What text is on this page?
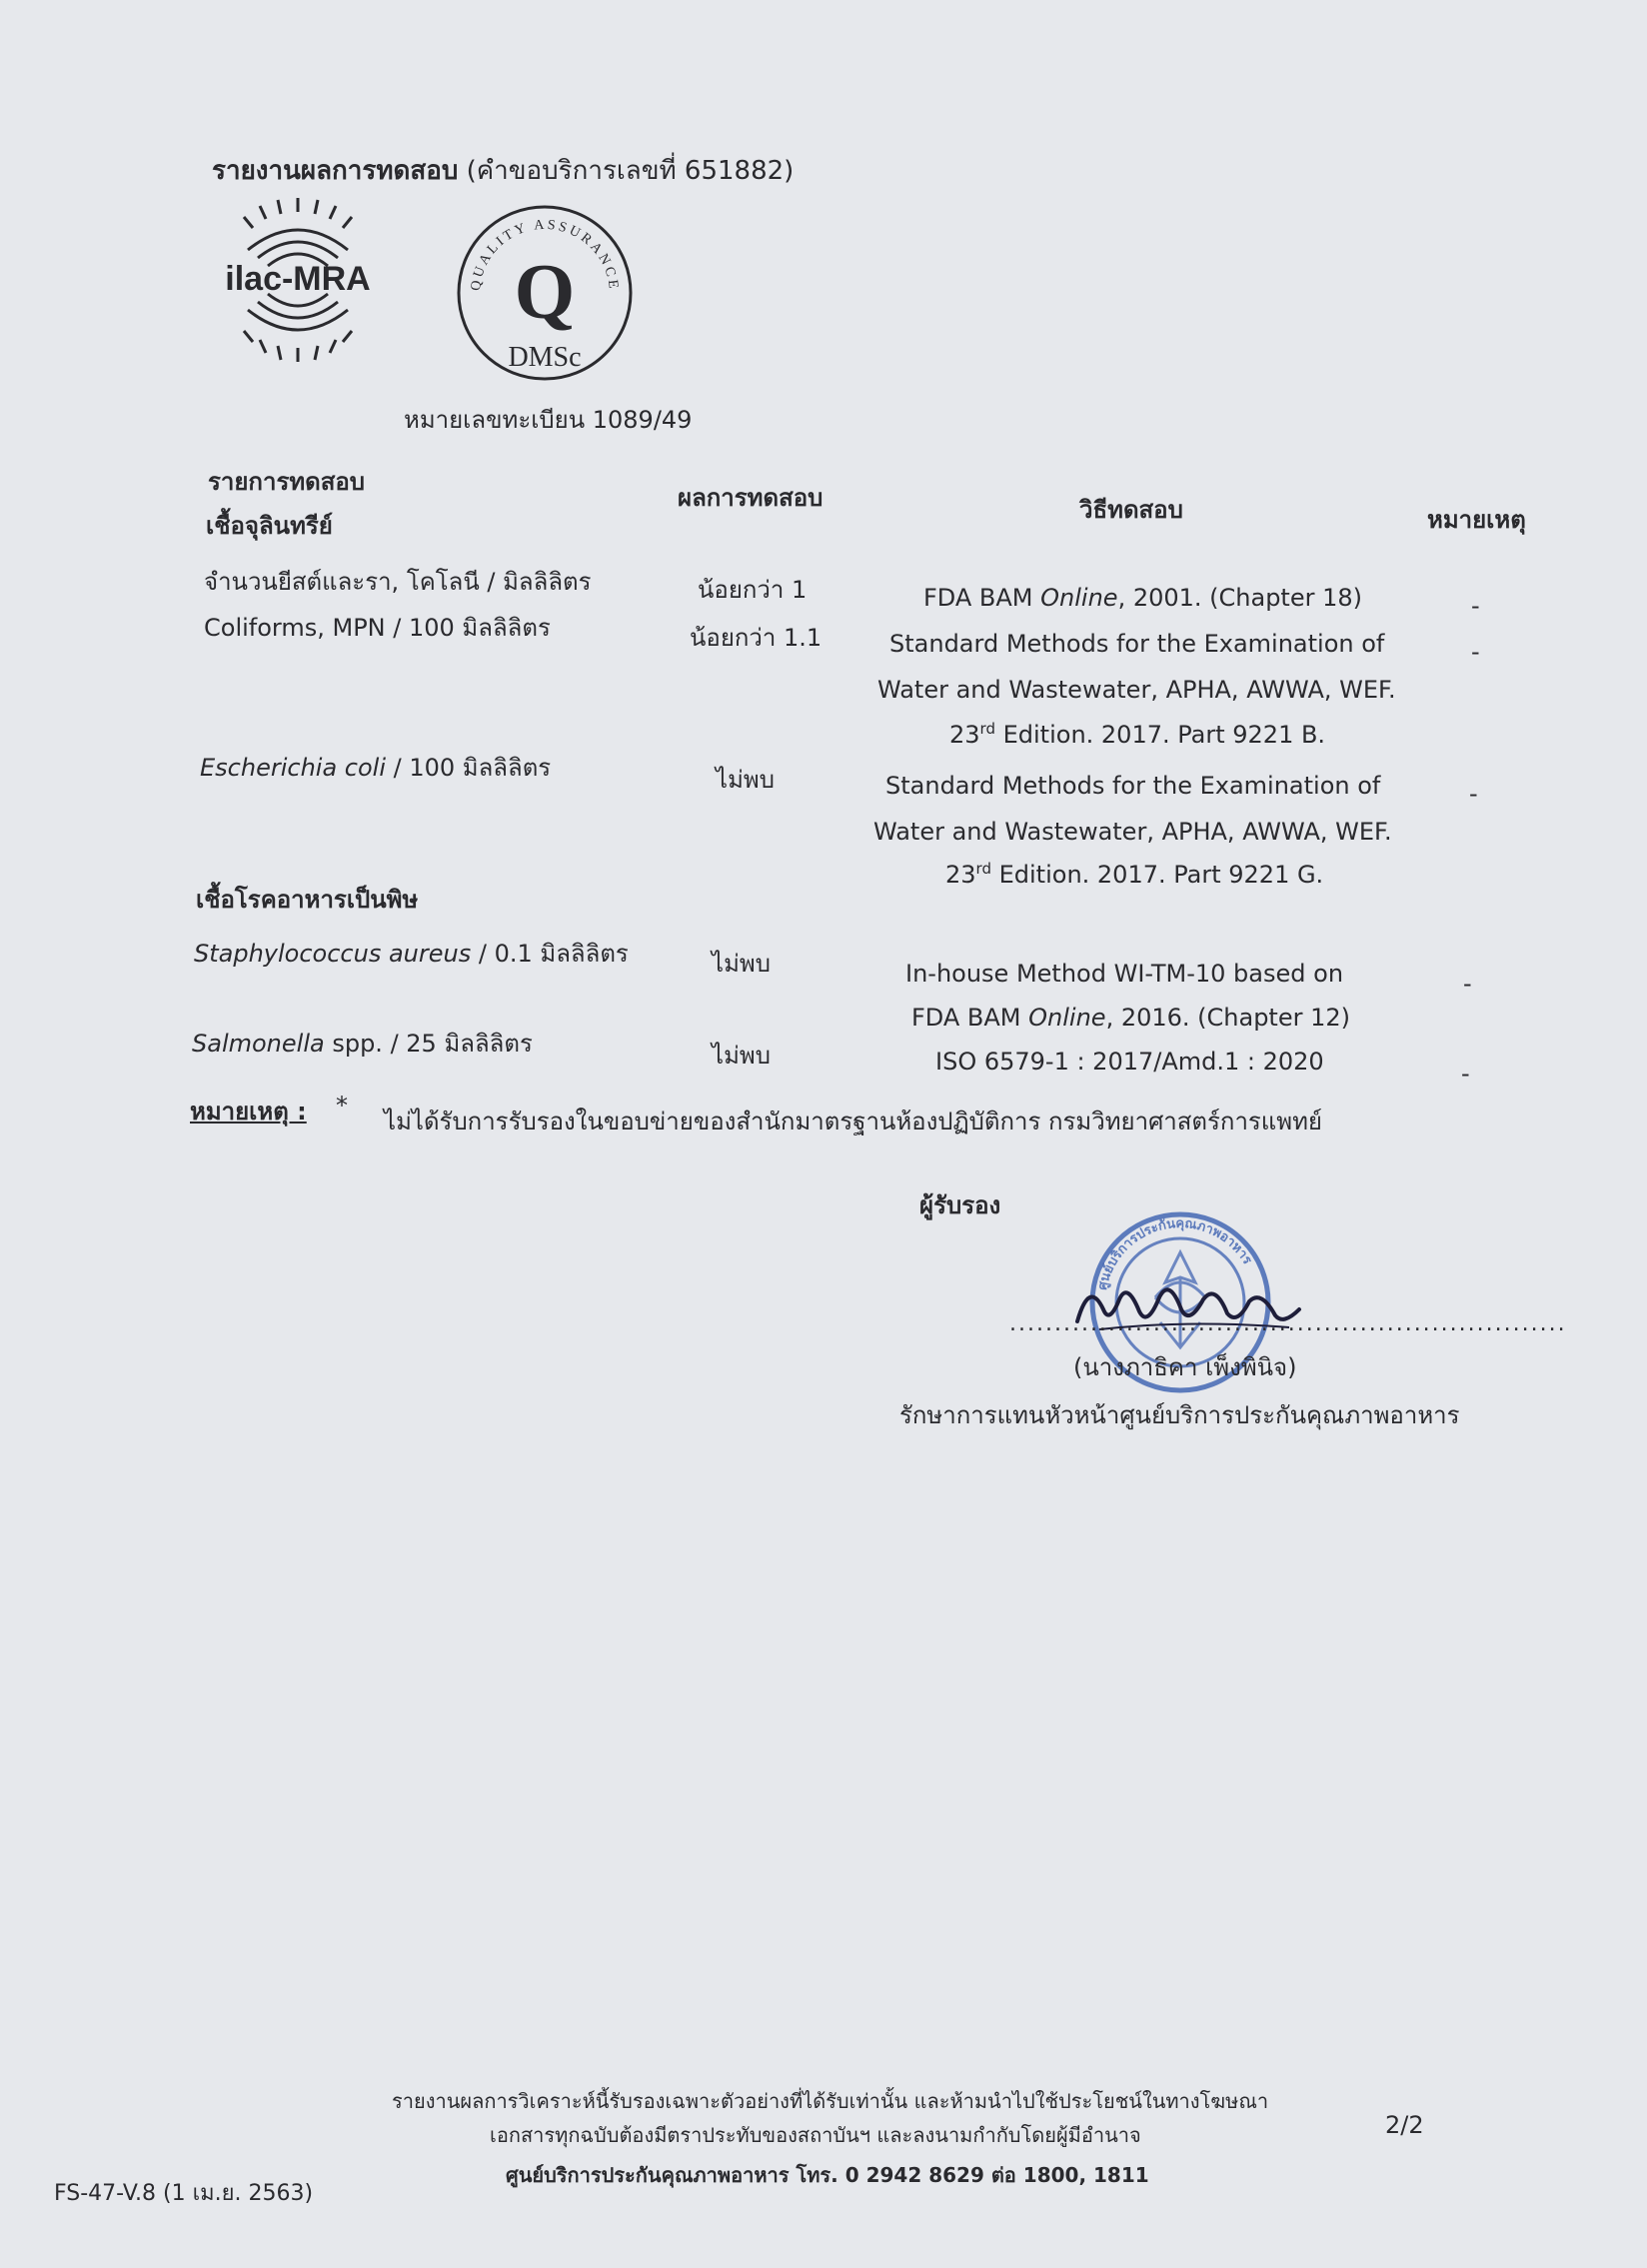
รายงานผลการทดสอบ (คำขอบริการเลขที่ 651882)
ilac-MRA	QUALITY ASSURANCE
Q
DMSc
หมายเลขทะเบียน 1089/49
รายการทดสอบ
ผลการทดสอบ	วิธีทดสอบ	หมายเหตุ
เชื้อจุลินทรีย์
จำนวนยีสต์และรา, โคโลนี / มิลลิลิตร	น้อยกว่า 1	FDA BAM Online, 2001. (Chapter 18)	-
Coliforms, MPN / 100 มิลลิลิตร	น้อยกว่า 1.1	Standard Methods for the Examination of	-
Water and Wastewater, APHA, AWWA, WEF.
23rd Edition. 2017. Part 9221 B.
Escherichia coli / 100 มิลลิลิตร	ไม่พบ	Standard Methods for the Examination of	-
Water and Wastewater, APHA, AWWA, WEF.
23rd Edition. 2017. Part 9221 G.
เชื้อโรคอาหารเป็นพิษ
Staphylococcus aureus / 0.1 มิลลิลิตร	ไม่พบ	In-house Method WI-TM-10 based on	-
FDA BAM Online, 2016. (Chapter 12)
Salmonella spp. / 25 มิลลิลิตร	ไม่พบ	ISO 6579-1 : 2017/Amd.1 : 2020	-
หมายเหตุ : *
ไม่ได้รับการรับรองในขอบข่ายของสำนักมาตรฐานห้องปฏิบัติการ กรมวิทยาศาสตร์การแพทย์
ผู้รับรอง
ศูนย์บริการประกันคุณภาพอาหาร
..............................................................
(นางภาธิคา เพ็งพินิจ)
รักษาการแทนหัวหน้าศูนย์บริการประกันคุณภาพอาหาร
รายงานผลการวิเคราะห์นี้รับรองเฉพาะตัวอย่างที่ได้รับเท่านั้น และห้ามนำไปใช้ประโยชน์ในทางโฆษณา
เอกสารทุกฉบับต้องมีตราประทับของสถาบันฯ และลงนามกำกับโดยผู้มีอำนาจ
ศูนย์บริการประกันคุณภาพอาหาร โทร. 0 2942 8629 ต่อ 1800, 1811
2/2
FS-47-V.8 (1 เม.ย. 2563)
